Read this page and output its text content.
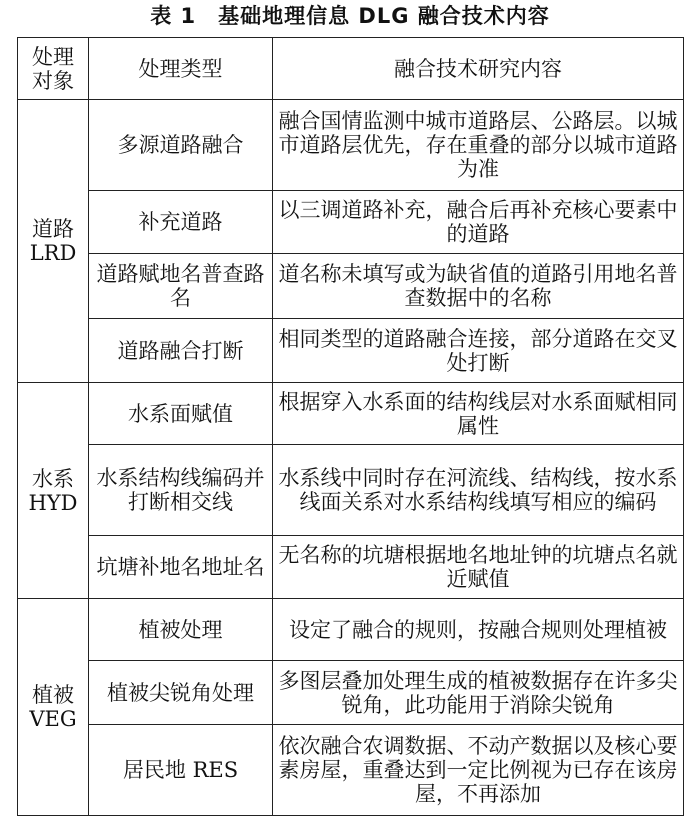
表 1　基础地理信息 DLG 融合技术内容
处理对象	处理类型	融合技术研究内容
道路 LRD	多源道路融合	融合国情监测中城市道路层、公路层。以城市道路层优先，存在重叠的部分以城市道路为准
	补充道路	以三调道路补充，融合后再补充核心要素中的道路
	道路赋地名普查路名	道名称未填写或为缺省值的道路引用地名普查数据中的名称
	道路融合打断	相同类型的道路融合连接，部分道路在交叉处打断
水系 HYD	水系面赋值	根据穿入水系面的结构线层对水系面赋相同属性
	水系结构线编码并打断相交线	水系线中同时存在河流线、结构线，按水系线面关系对水系结构线填写相应的编码
	坑塘补地名地址名	无名称的坑塘根据地名地址钟的坑塘点名就近赋值
植被 VEG	植被处理	设定了融合的规则，按融合规则处理植被
	植被尖锐角处理	多图层叠加处理生成的植被数据存在许多尖锐角，此功能用于消除尖锐角
	居民地 RES	依次融合农调数据、不动产数据以及核心要素房屋，重叠达到一定比例视为已存在该房屋，不再添加
